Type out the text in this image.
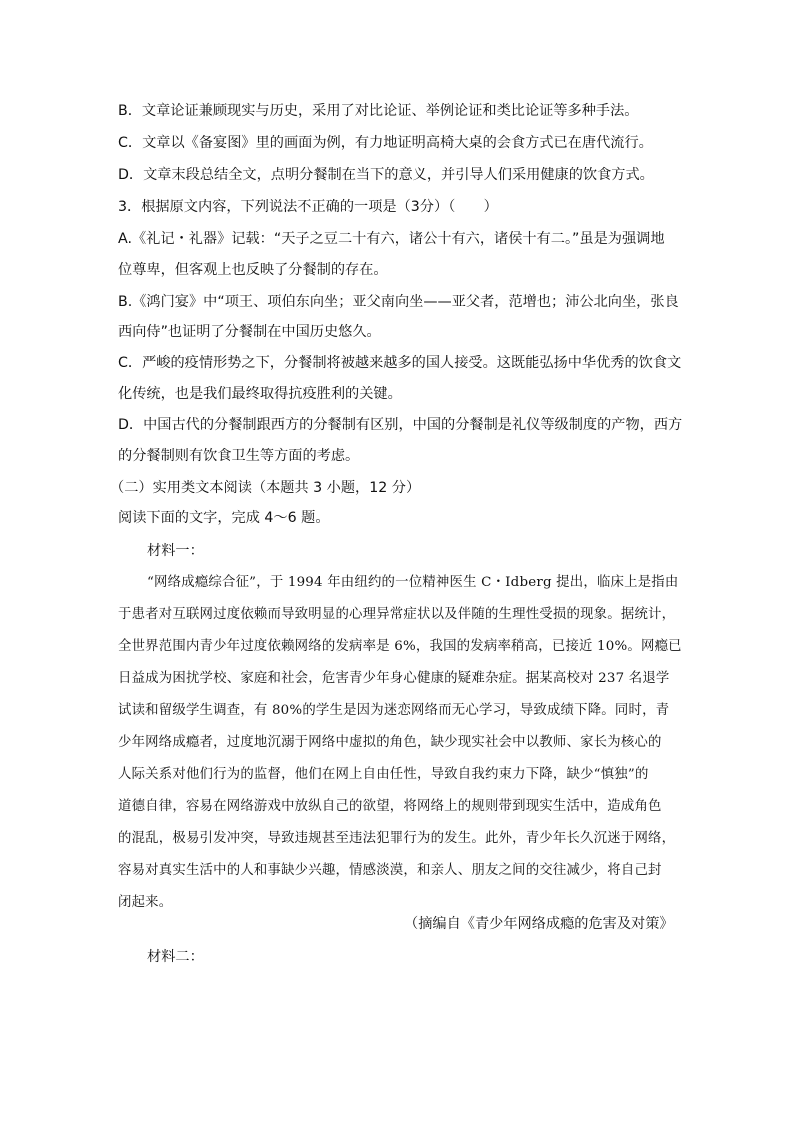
B．文章论证兼顾现实与历史，采用了对比论证、举例论证和类比论证等多种手法。
C．文章以《备宴图》里的画面为例，有力地证明高椅大桌的会食方式已在唐代流行。
D．文章末段总结全文，点明分餐制在当下的意义，并引导人们采用健康的饮食方式。
3．根据原文内容，下列说法不正确的一项是（3分）（　　）
A.《礼记・礼器》记载：“天子之豆二十有六，诸公十有六，诸侯十有二。”虽是为强调地
位尊卑，但客观上也反映了分餐制的存在。
B.《鸿门宴》中“项王、项伯东向坐；亚父南向坐——亚父者，范增也；沛公北向坐，张良
西向侍”也证明了分餐制在中国历史悠久。
C．严峻的疫情形势之下，分餐制将被越来越多的国人接受。这既能弘扬中华优秀的饮食文
化传统，也是我们最终取得抗疫胜利的关键。
D．中国古代的分餐制跟西方的分餐制有区别，中国的分餐制是礼仪等级制度的产物，西方
的分餐制则有饮食卫生等方面的考虑。
（二）实用类文本阅读（本题共 3 小题，12 分）
阅读下面的文字，完成 4～6 题。
材料一：
“网络成瘾综合征”，于 1994 年由纽约的一位精神医生 C・Idberg 提出，临床上是指由
于患者对互联网过度依赖而导致明显的心理异常症状以及伴随的生理性受损的现象。据统计，
全世界范围内青少年过度依赖网络的发病率是 6%，我国的发病率稍高，已接近 10%。网瘾已
日益成为困扰学校、家庭和社会，危害青少年身心健康的疑难杂症。据某高校对 237 名退学
试读和留级学生调查，有 80%的学生是因为迷恋网络而无心学习，导致成绩下降。同时，青
少年网络成瘾者，过度地沉溺于网络中虚拟的角色，缺少现实社会中以教师、家长为核心的
人际关系对他们行为的监督，他们在网上自由任性，导致自我约束力下降，缺少“慎独”的
道德自律，容易在网络游戏中放纵自己的欲望，将网络上的规则带到现实生活中，造成角色
的混乱，极易引发冲突，导致违规甚至违法犯罪行为的发生。此外，青少年长久沉迷于网络，
容易对真实生活中的人和事缺少兴趣，情感淡漠，和亲人、朋友之间的交往减少，将自己封
闭起来。
（摘编自《青少年网络成瘾的危害及对策》
材料二：
